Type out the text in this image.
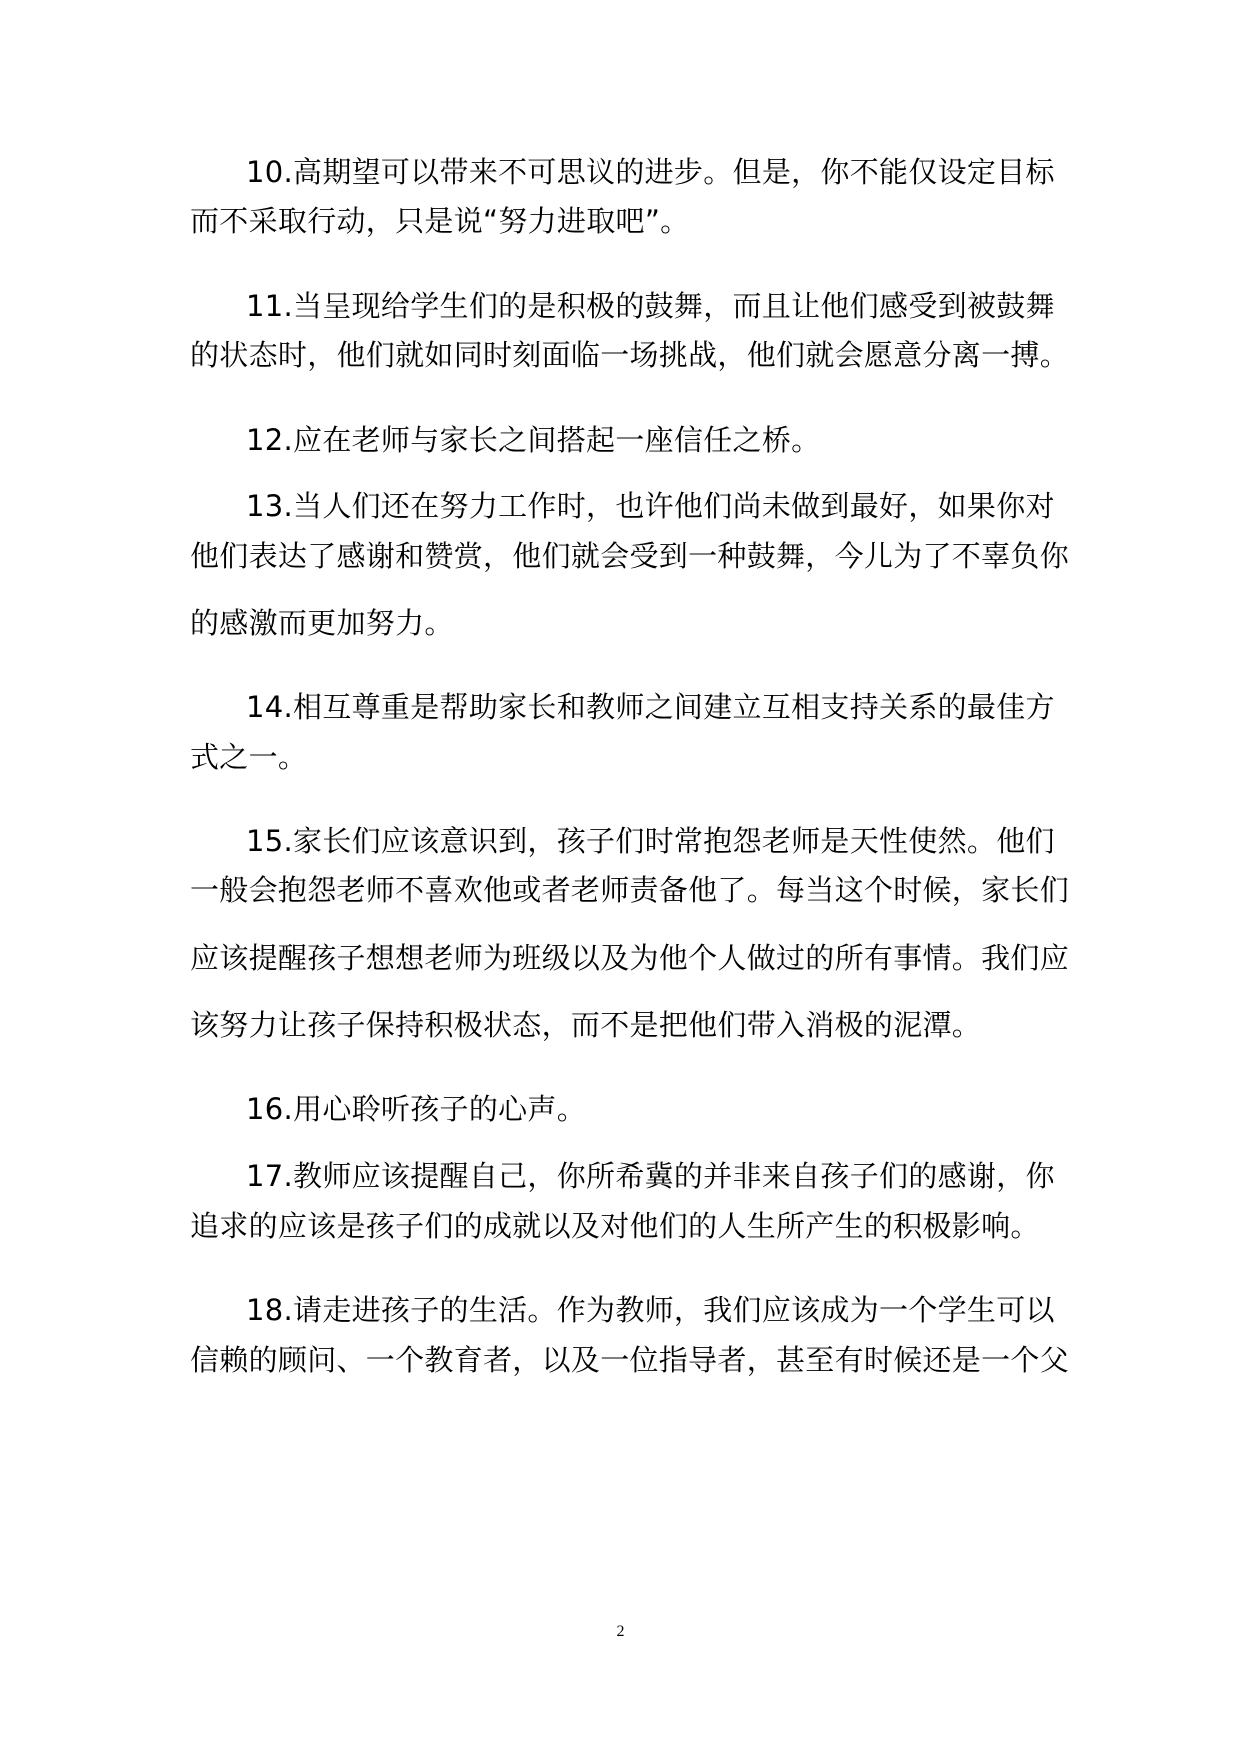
10.高期望可以带来不可思议的进步。但是，你不能仅设定目标
而不采取行动，只是说“努力进取吧”。
11.当呈现给学生们的是积极的鼓舞，而且让他们感受到被鼓舞
的状态时，他们就如同时刻面临一场挑战，他们就会愿意分离一搏。
12.应在老师与家长之间搭起一座信任之桥。
13.当人们还在努力工作时，也许他们尚未做到最好，如果你对
他们表达了感谢和赞赏，他们就会受到一种鼓舞，今儿为了不辜负你
的感激而更加努力。
14.相互尊重是帮助家长和教师之间建立互相支持关系的最佳方
式之一。
15.家长们应该意识到，孩子们时常抱怨老师是天性使然。他们
一般会抱怨老师不喜欢他或者老师责备他了。每当这个时候，家长们
应该提醒孩子想想老师为班级以及为他个人做过的所有事情。我们应
该努力让孩子保持积极状态，而不是把他们带入消极的泥潭。
16.用心聆听孩子的心声。
17.教师应该提醒自己，你所希冀的并非来自孩子们的感谢，你
追求的应该是孩子们的成就以及对他们的人生所产生的积极影响。
18.请走进孩子的生活。作为教师，我们应该成为一个学生可以
信赖的顾问、一个教育者，以及一位指导者，甚至有时候还是一个父
2
